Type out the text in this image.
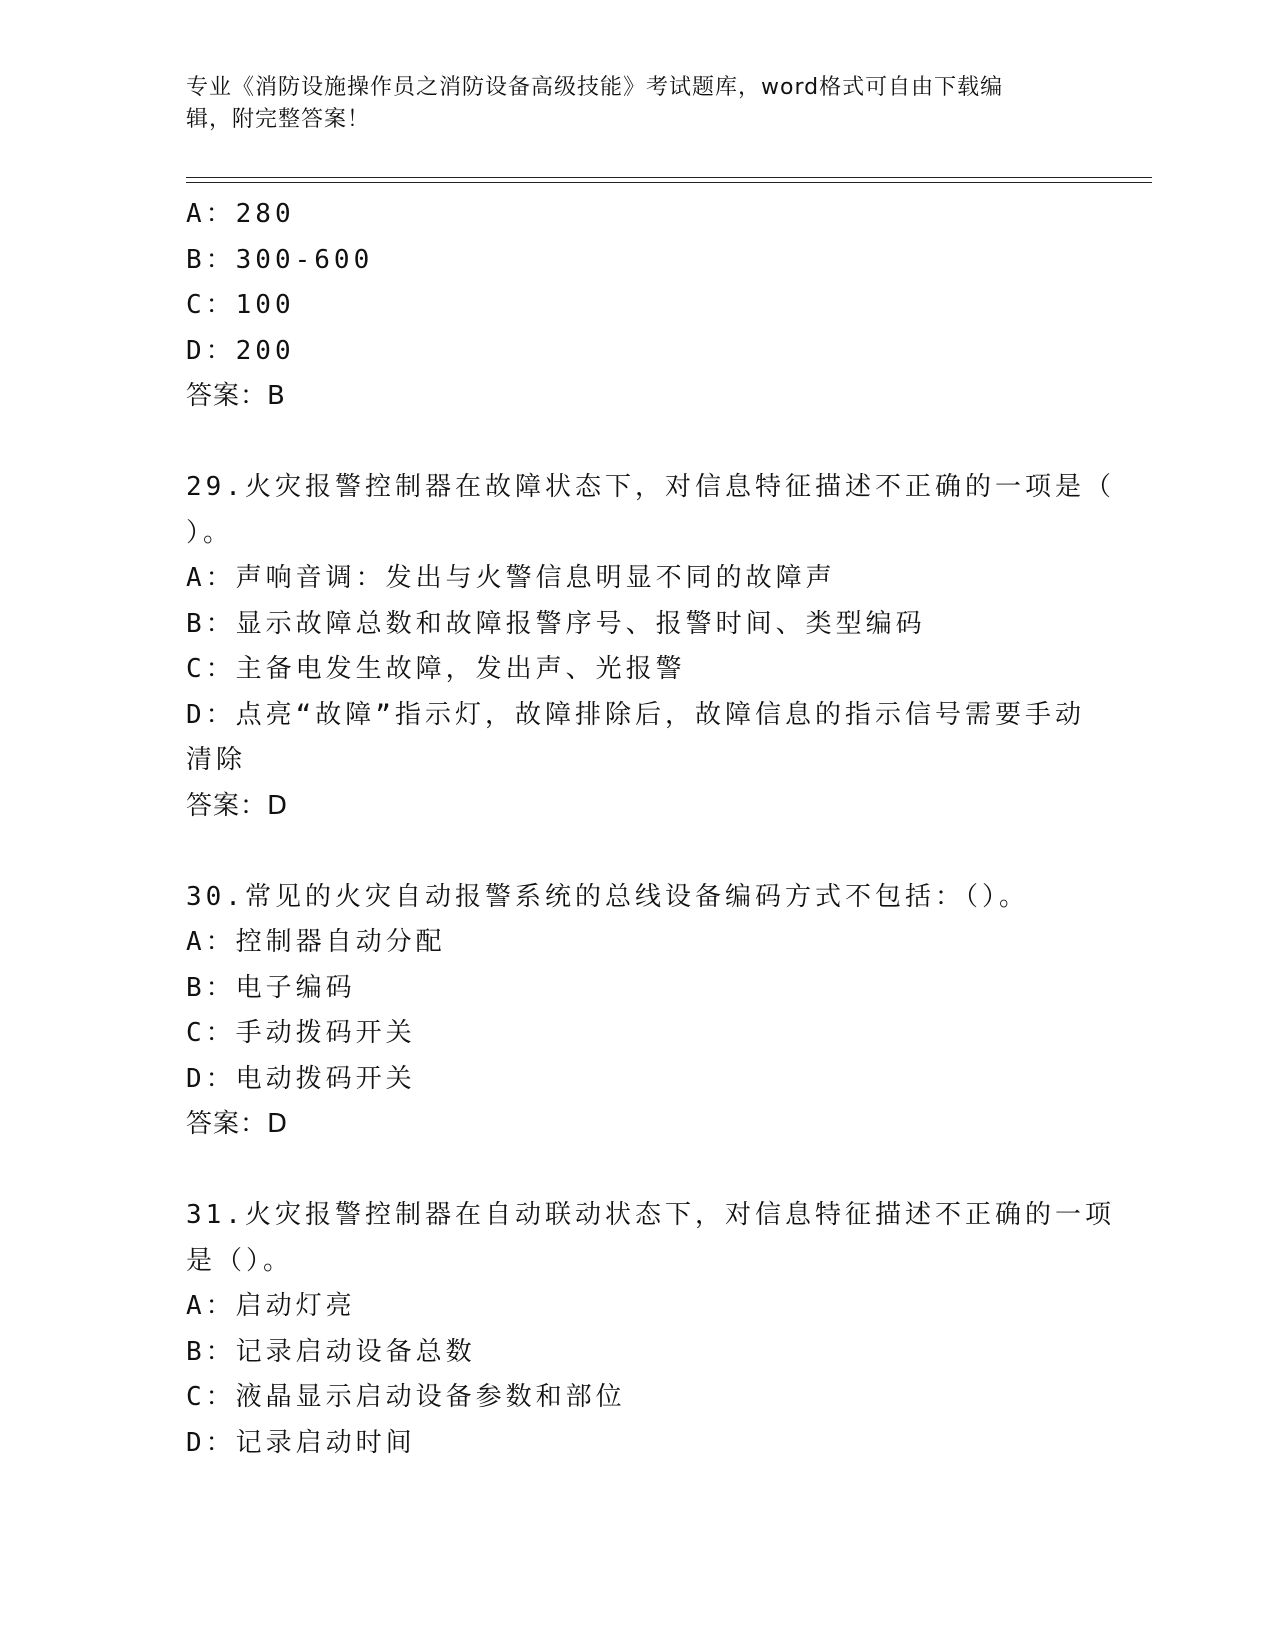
专业《消防设施操作员之消防设备高级技能》考试题库，word格式可自由下载编
辑，附完整答案！
A：280
B：300-600
C：100
D：200
答案：B
29.火灾报警控制器在故障状态下，对信息特征描述不正确的一项是（
）。
A：声响音调：发出与火警信息明显不同的故障声
B：显示故障总数和故障报警序号、报警时间、类型编码
C：主备电发生故障，发出声、光报警
D：点亮“故障”指示灯，故障排除后，故障信息的指示信号需要手动
清除
答案：D
30.常见的火灾自动报警系统的总线设备编码方式不包括：（）。
A：控制器自动分配
B：电子编码
C：手动拨码开关
D：电动拨码开关
答案：D
31.火灾报警控制器在自动联动状态下，对信息特征描述不正确的一项
是（）。
A：启动灯亮
B：记录启动设备总数
C：液晶显示启动设备参数和部位
D：记录启动时间
